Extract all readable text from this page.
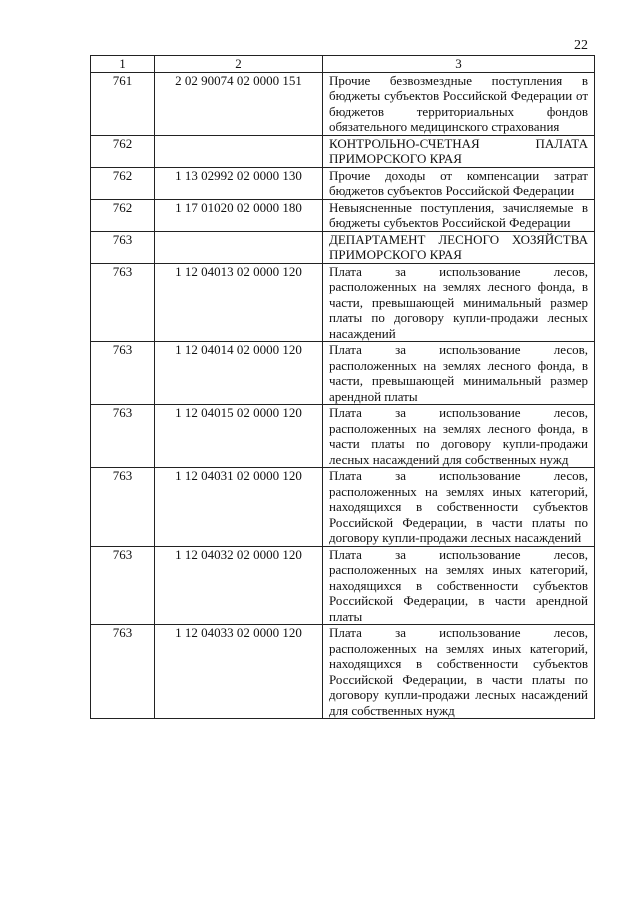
22
1	2	3
761	2 02 90074 02 0000 151	Прочие безвозмездные поступления в бюджеты субъектов Российской Федерации от бюджетов территориальных фондов обязательного медицинского страхования
762		КОНТРОЛЬНО-СЧЕТНАЯ ПАЛАТА ПРИМОРСКОГО КРАЯ
762	1 13 02992 02 0000 130	Прочие доходы от компенсации затрат бюджетов субъектов Российской Федерации
762	1 17 01020 02 0000 180	Невыясненные поступления, зачисляемые в бюджеты субъектов Российской Федерации
763		ДЕПАРТАМЕНТ ЛЕСНОГО ХОЗЯЙСТВА ПРИМОРСКОГО КРАЯ
763	1 12 04013 02 0000 120	Плата за использование лесов, расположенных на землях лесного фонда, в части, превышающей минимальный размер платы по договору купли-продажи лесных насаждений
763	1 12 04014 02 0000 120	Плата за использование лесов, расположенных на землях лесного фонда, в части, превышающей минимальный размер арендной платы
763	1 12 04015 02 0000 120	Плата за использование лесов, расположенных на землях лесного фонда, в части платы по договору купли-продажи лесных насаждений для собственных нужд
763	1 12 04031 02 0000 120	Плата за использование лесов, расположенных на землях иных категорий, находящихся в собственности субъектов Российской Федерации, в части платы по договору купли-продажи лесных насаждений
763	1 12 04032 02 0000 120	Плата за использование лесов, расположенных на землях иных категорий, находящихся в собственности субъектов Российской Федерации, в части арендной платы
763	1 12 04033 02 0000 120	Плата за использование лесов, расположенных на землях иных категорий, находящихся в собственности субъектов Российской Федерации, в части платы по договору купли-продажи лесных насаждений для собственных нужд
